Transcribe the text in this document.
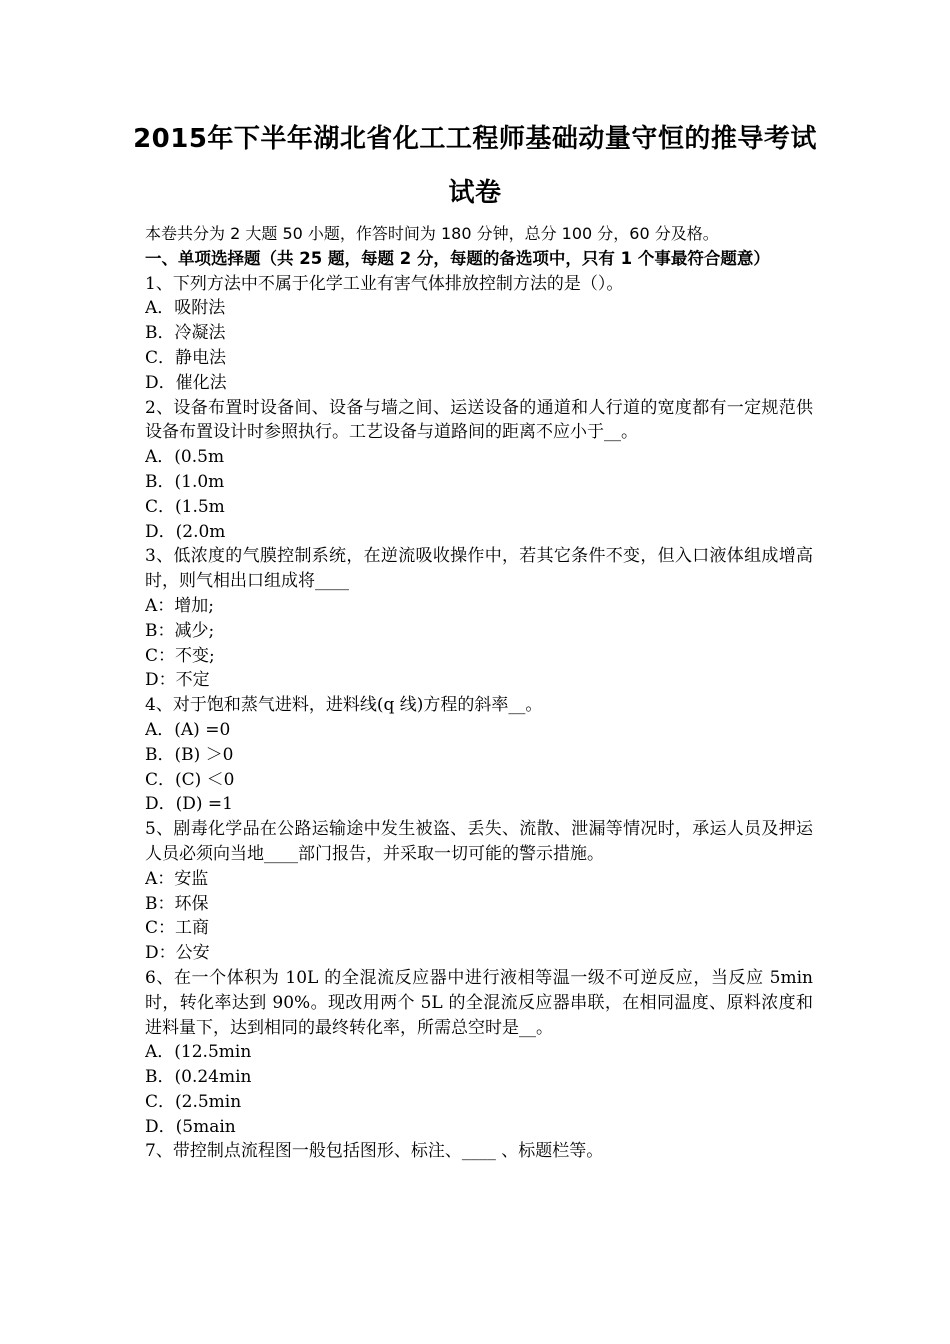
2015年下半年湖北省化工工程师基础动量守恒的推导考试
试卷
本卷共分为 2 大题 50 小题，作答时间为 180 分钟，总分 100 分，60 分及格。
一、单项选择题（共 25 题，每题 2 分，每题的备选项中，只有 1 个事最符合题意）
1、下列方法中不属于化学工业有害气体排放控制方法的是（）。
A．吸附法
B．冷凝法
C．静电法
D．催化法
2、设备布置时设备间、设备与墙之间、运送设备的通道和人行道的宽度都有一定规范供设备布置设计时参照执行。工艺设备与道路间的距离不应小于__。
A．(0.5m
B．(1.0m
C．(1.5m
D．(2.0m
3、低浓度的气膜控制系统，在逆流吸收操作中，若其它条件不变，但入口液体组成增高时，则气相出口组成将____
A：增加;
B：减少;
C：不变;
D：不定
4、对于饱和蒸气进料，进料线(q 线)方程的斜率__。
A．(A) =0
B．(B) ＞0
C．(C) ＜0
D．(D) =1
5、剧毒化学品在公路运输途中发生被盗、丢失、流散、泄漏等情况时，承运人员及押运人员必须向当地____部门报告，并采取一切可能的警示措施。
A：安监
B：环保
C：工商
D：公安
6、在一个体积为 10L 的全混流反应器中进行液相等温一级不可逆反应，当反应 5min 时，转化率达到 90%。现改用两个 5L 的全混流反应器串联，在相同温度、原料浓度和进料量下，达到相同的最终转化率，所需总空时是__。
A．(12.5min
B．(0.24min
C．(2.5min
D．(5main
7、带控制点流程图一般包括图形、标注、____ 、标题栏等。
